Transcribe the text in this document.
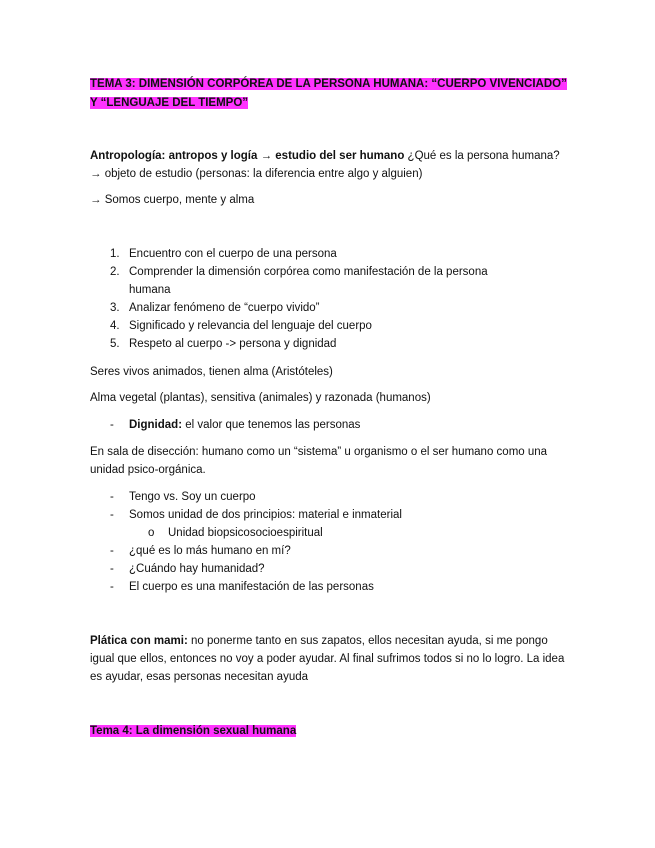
TEMA 3: DIMENSIÓN CORPÓREA DE LA PERSONA HUMANA: “CUERPO VIVENCIADO” Y “LENGUAJE DEL TIEMPO”

Antropología: antropos y logía → estudio del ser humano ¿Qué es la persona humana? → objeto de estudio (personas: la diferencia entre algo y alguien)

→ Somos cuerpo, mente y alma

1. Encuentro con el cuerpo de una persona
2. Comprender la dimensión corpórea como manifestación de la persona humana
3. Analizar fenómeno de “cuerpo vivido”
4. Significado y relevancia del lenguaje del cuerpo
5. Respeto al cuerpo -> persona y dignidad

Seres vivos animados, tienen alma (Aristóteles)

Alma vegetal (plantas), sensitiva (animales) y razonada (humanos)

- Dignidad: el valor que tenemos las personas

En sala de disección: humano como un “sistema” u organismo o el ser humano como una unidad psico-orgánica.

- Tengo vs. Soy un cuerpo
- Somos unidad de dos principios: material e inmaterial
o Unidad biopsicosocioespiritual
- ¿qué es lo más humano en mí?
- ¿Cuándo hay humanidad?
- El cuerpo es una manifestación de las personas

Plática con mami: no ponerme tanto en sus zapatos, ellos necesitan ayuda, si me pongo igual que ellos, entonces no voy a poder ayudar. Al final sufrimos todos si no lo logro. La idea es ayudar, esas personas necesitan ayuda

Tema 4: La dimensión sexual humana
